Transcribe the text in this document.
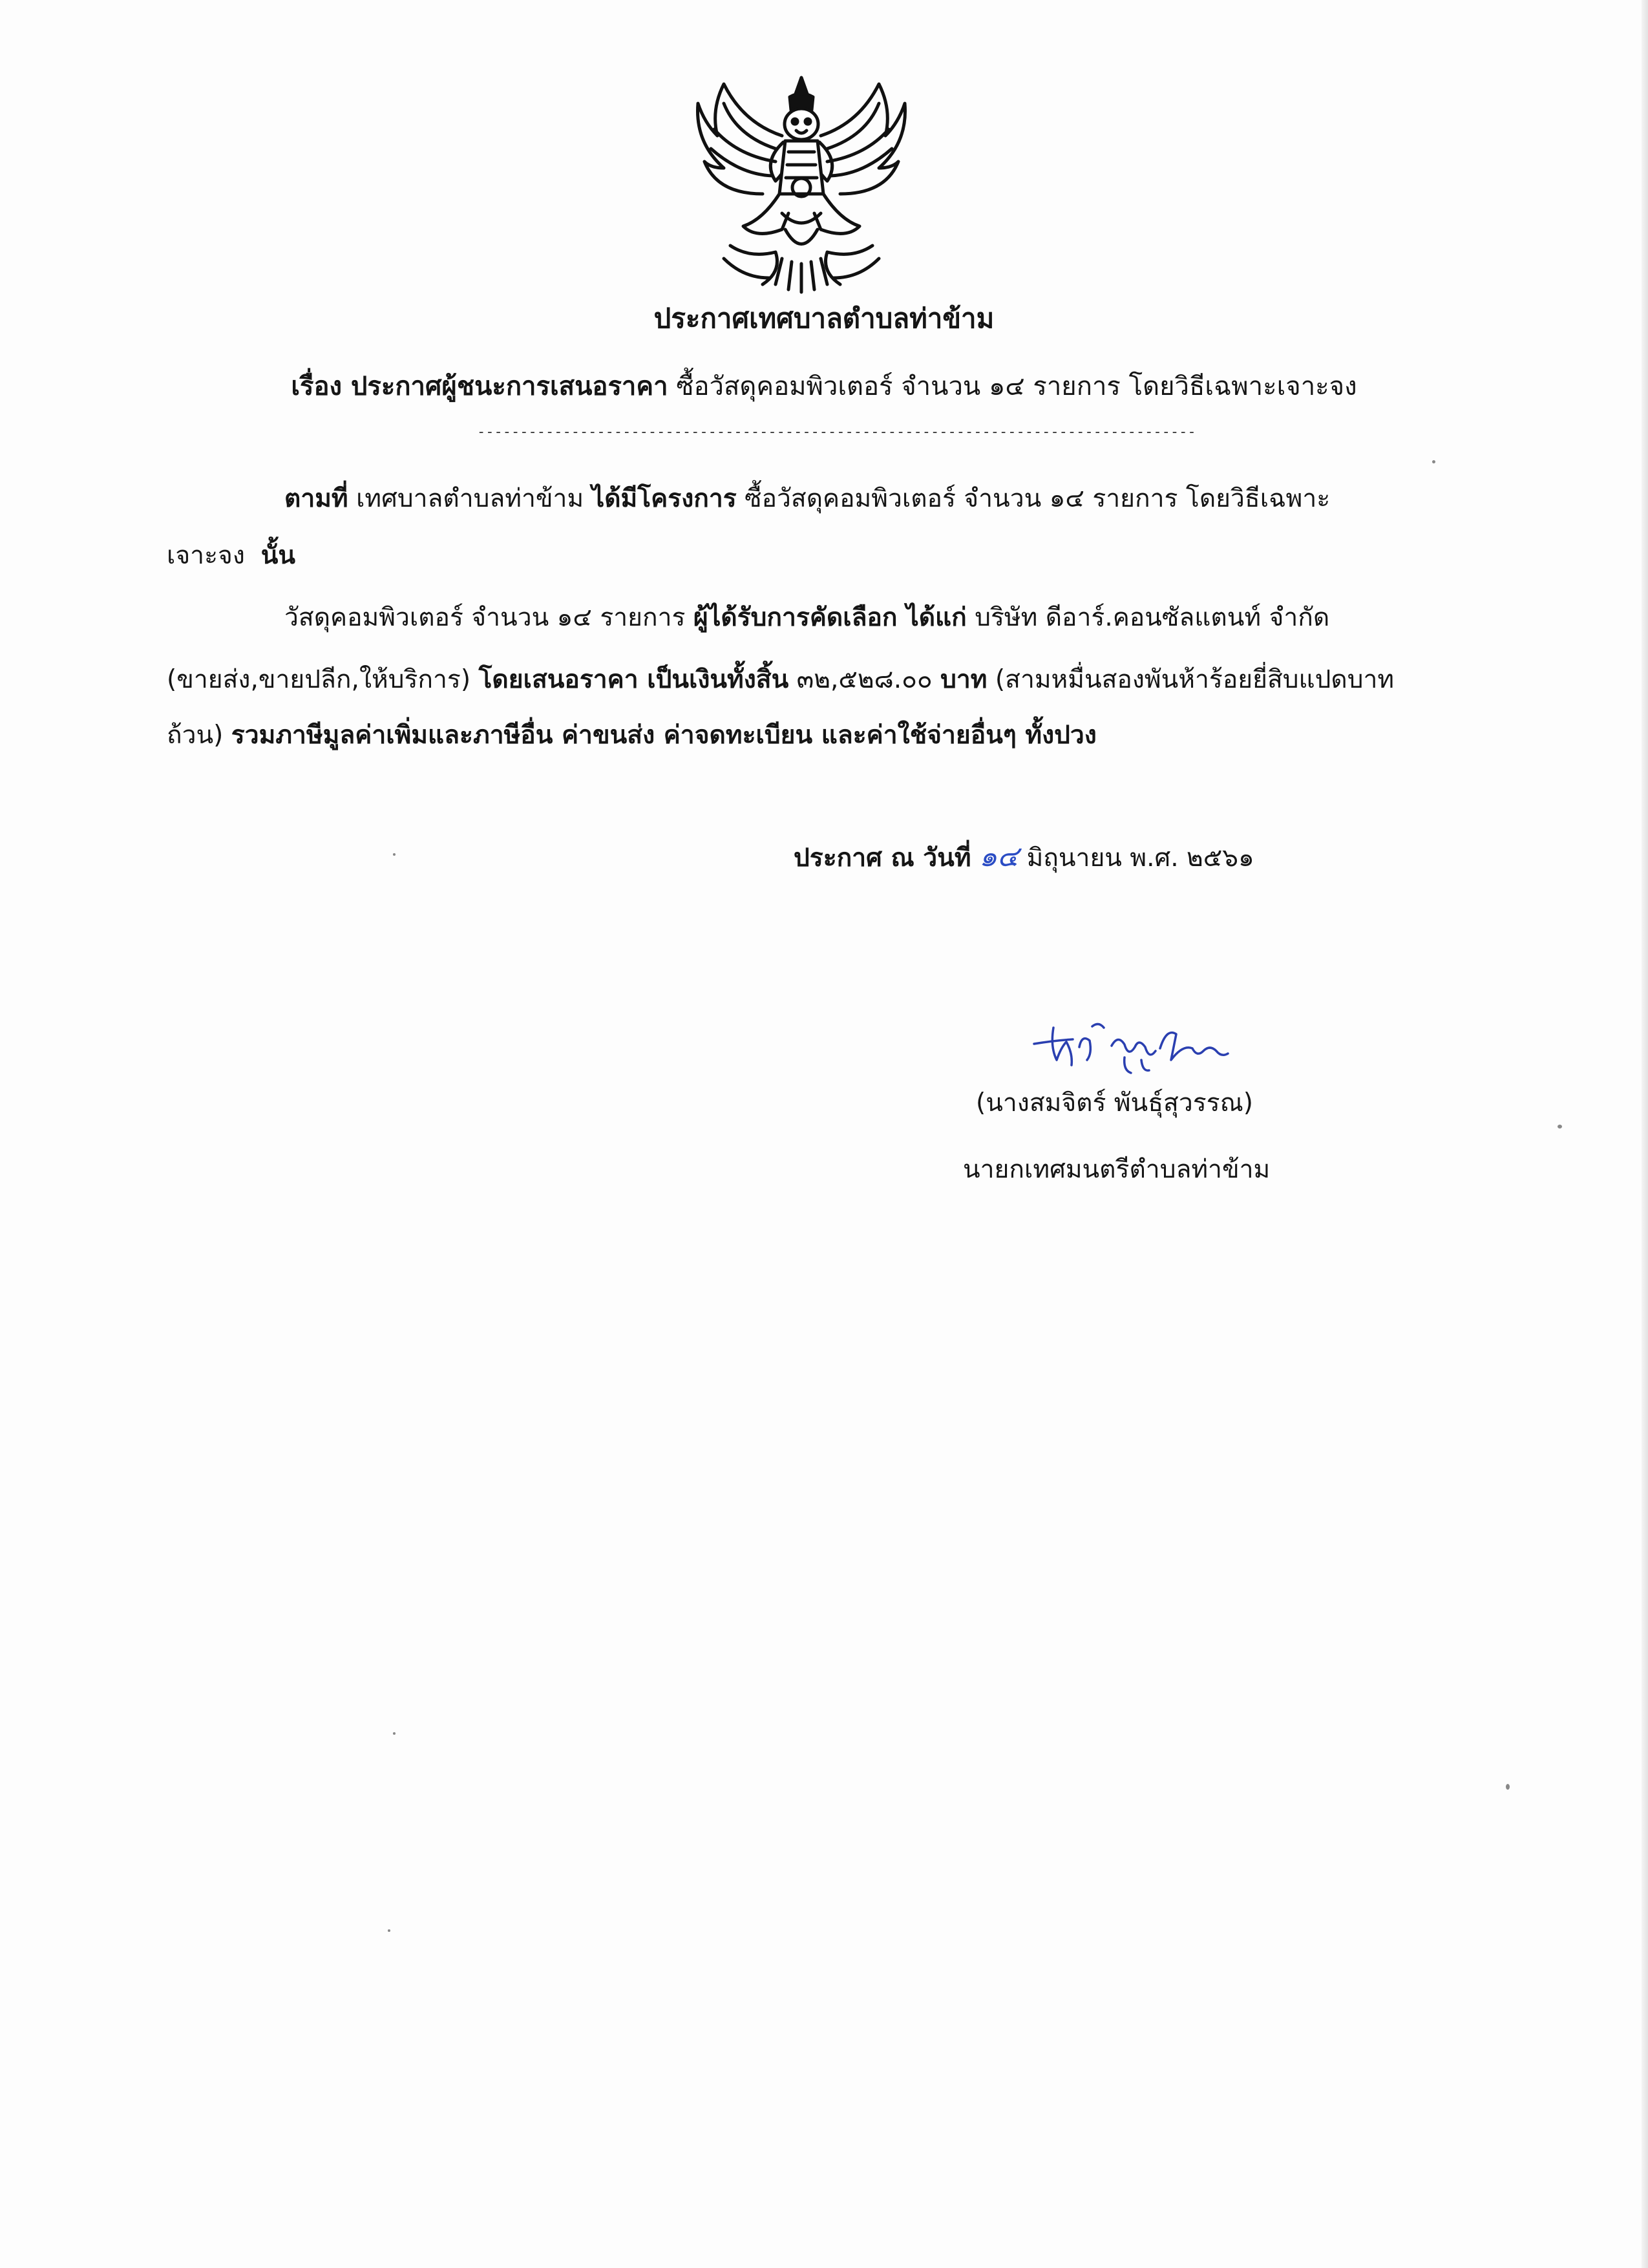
ประกาศเทศบาลตำบลท่าข้าม
เรื่อง ประกาศผู้ชนะการเสนอราคา ซื้อวัสดุคอมพิวเตอร์ จำนวน ๑๔ รายการ โดยวิธีเฉพาะเจาะจง
------------------------------------------------------------------------------------
ตามที่ เทศบาลตำบลท่าข้าม ได้มีโครงการ ซื้อวัสดุคอมพิวเตอร์ จำนวน ๑๔ รายการ โดยวิธีเฉพาะ
เจาะจง นั้น
วัสดุคอมพิวเตอร์ จำนวน ๑๔ รายการ ผู้ได้รับการคัดเลือก ได้แก่ บริษัท ดีอาร์.คอนซัลแตนท์ จำกัด
(ขายส่ง,ขายปลีก,ให้บริการ) โดยเสนอราคา เป็นเงินทั้งสิ้น ๓๒,๕๒๘.๐๐ บาท (สามหมื่นสองพันห้าร้อยยี่สิบแปดบาท
ถ้วน) รวมภาษีมูลค่าเพิ่มและภาษีอื่น ค่าขนส่ง ค่าจดทะเบียน และค่าใช้จ่ายอื่นๆ ทั้งปวง
ประกาศ ณ วันที่ ๑๔ มิถุนายน พ.ศ. ๒๕๖๑
(นางสมจิตร์ พันธุ์สุวรรณ)
นายกเทศมนตรีตำบลท่าข้าม
